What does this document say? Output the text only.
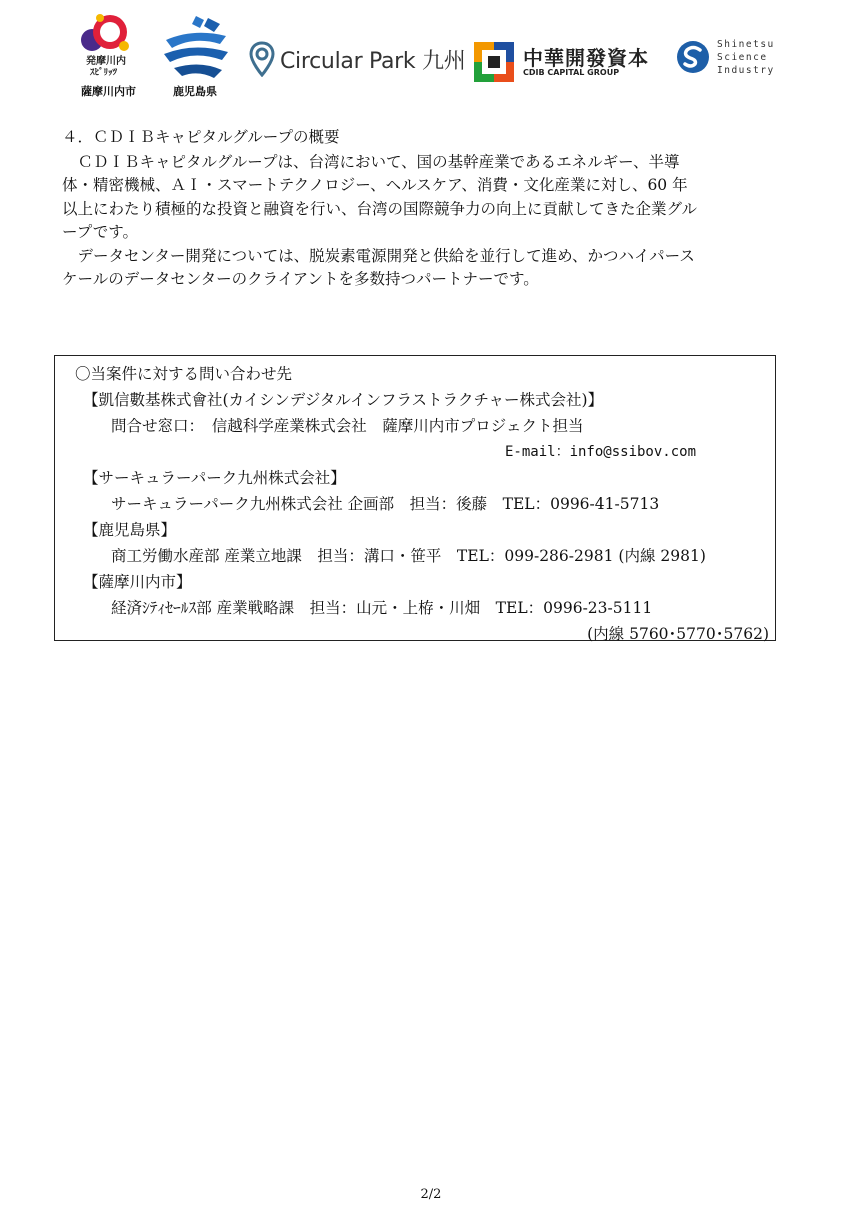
発摩川内
ｽﾋﾟﾘｯﾂ
薩摩川内市	鹿児島県
Circular Park 九州	中華開發資本
CDIB CAPITAL GROUP
Shinetsu
Science
Industry

４．ＣＤＩＢキャピタルグループの概要

　ＣＤＩＢキャピタルグループは、台湾において、国の基幹産業であるエネルギー、半導

体・精密機械、ＡＩ・スマートテクノロジー、ヘルスケア、消費・文化産業に対し、60 年

以上にわたり積極的な投資と融資を行い、台湾の国際競争力の向上に貢献してきた企業グル

ープです。

　データセンター開発については、脱炭素電源開発と供給を並行して進め、かつハイパース

ケールのデータセンターのクライアントを多数持つパートナーです。

〇当案件に対する問い合わせ先
【凱信數基株式會社(カイシンデジタルインフラストラクチャー株式会社)】
問合せ窓口：　信越科学産業株式会社　薩摩川内市プロジェクト担当
E-mail：info@ssibov.com
【サーキュラーパーク九州株式会社】
サーキュラーパーク九州株式会社 企画部　担当：後藤　TEL：0996-41-5713
【鹿児島県】
商工労働水産部 産業立地課　担当：溝口・笹平　TEL：099-286-2981 (内線 2981)
【薩摩川内市】
経済ｼﾃｨｾｰﾙｽ部 産業戦略課　担当：山元・上栫・川畑　TEL：0996-23-5111
(内線 5760･5770･5762)
2/2
